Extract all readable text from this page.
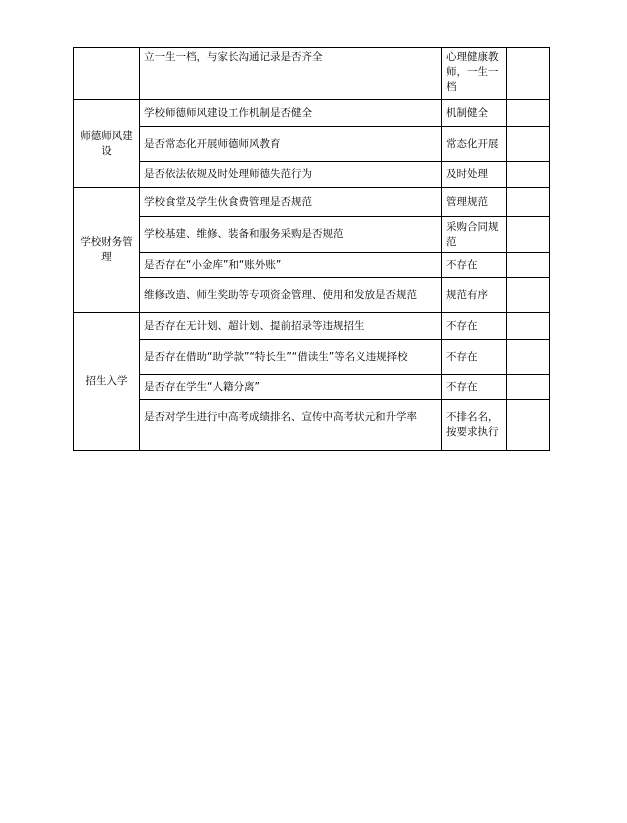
	立一生一档，与家长沟通记录是否齐全	心理健康教师，一生一档	
师德师风建设	学校师德师风建设工作机制是否健全	机制健全	
	是否常态化开展师德师风教育	常态化开展	
	是否依法依规及时处理师德失范行为	及时处理	
学校财务管理	学校食堂及学生伙食费管理是否规范	管理规范	
	学校基建、维修、装备和服务采购是否规范	采购合同规范	
	是否存在“小金库”和“账外账”	不存在	
	维修改造、师生奖助等专项资金管理、使用和发放是否规范	规范有序	
招生入学	是否存在无计划、超计划、提前招录等违规招生	不存在	
	是否存在借助“助学款”“特长生”“借读生”等名义违规择校	不存在	
	是否存在学生“人籍分离”	不存在	
	是否对学生进行中高考成绩排名、宣传中高考状元和升学率	不排名名，按要求执行	
